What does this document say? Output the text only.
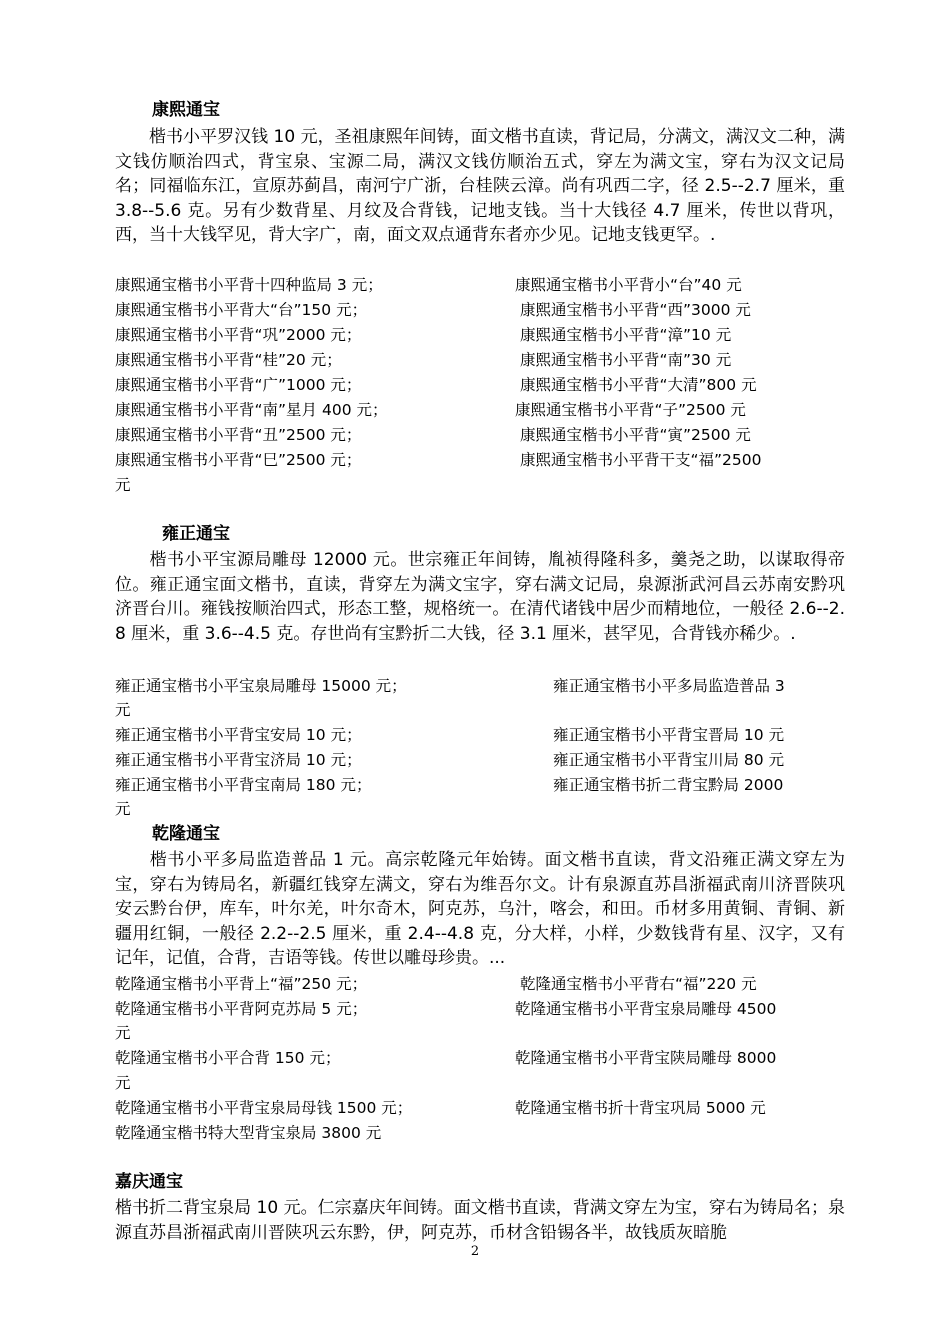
康熙通宝
楷书小平罗汉钱 10 元，圣祖康熙年间铸，面文楷书直读，背记局，分满文，满汉文二种，满文钱仿顺治四式，背宝泉、宝源二局，满汉文钱仿顺治五式，穿左为满文宝，穿右为汉文记局名；同福临东江，宣原苏蓟昌，南河宁广浙，台桂陕云漳。尚有巩西二字，径 2.5--2.7 厘米，重 3.8--5.6 克。另有少数背星、月纹及合背钱，记地支钱。当十大钱径 4.7 厘米，传世以背巩，西，当十大钱罕见，背大字广，南，面文双点通背东者亦少见。记地支钱更罕。.
康熙通宝楷书小平背十四种监局 3 元；	康熙通宝楷书小平背小“台”40 元
康熙通宝楷书小平背大“台”150 元；	康熙通宝楷书小平背“西”3000 元
康熙通宝楷书小平背“巩”2000 元；	康熙通宝楷书小平背“漳”10 元
康熙通宝楷书小平背“桂”20 元；	康熙通宝楷书小平背“南”30 元
康熙通宝楷书小平背“广”1000 元；	康熙通宝楷书小平背“大清”800 元
康熙通宝楷书小平背“南”星月 400 元；	康熙通宝楷书小平背“子”2500 元
康熙通宝楷书小平背“丑”2500 元；	康熙通宝楷书小平背“寅”2500 元
康熙通宝楷书小平背“巳”2500 元；	康熙通宝楷书小平背干支“福”2500
元
雍正通宝
楷书小平宝源局雕母 12000 元。世宗雍正年间铸，胤祯得隆科多，羹尧之助，以谋取得帝位。雍正通宝面文楷书，直读，背穿左为满文宝字，穿右满文记局，泉源浙武河昌云苏南安黔巩济晋台川。雍钱按顺治四式，形态工整，规格统一。在清代诸钱中居少而精地位，一般径 2.6--2.8 厘米，重 3.6--4.5 克。存世尚有宝黔折二大钱，径 3.1 厘米，甚罕见，合背钱亦稀少。.
雍正通宝楷书小平宝泉局雕母 15000 元；	雍正通宝楷书小平多局监造普品 3
元
雍正通宝楷书小平背宝安局 10 元；	雍正通宝楷书小平背宝晋局 10 元
雍正通宝楷书小平背宝济局 10 元；	雍正通宝楷书小平背宝川局 80 元
雍正通宝楷书小平背宝南局 180 元；	雍正通宝楷书折二背宝黔局 2000
元
乾隆通宝
楷书小平多局监造普品 1 元。高宗乾隆元年始铸。面文楷书直读，背文沿雍正满文穿左为宝，穿右为铸局名，新疆红钱穿左满文，穿右为维吾尔文。计有泉源直苏昌浙福武南川济晋陕巩安云黔台伊，库车，叶尔羌，叶尔奇木，阿克苏，乌汁，喀会，和田。币材多用黄铜、青铜、新疆用红铜，一般径 2.2--2.5 厘米，重 2.4--4.8 克，分大样，小样，少数钱背有星、汉字，又有记年，记值，合背，吉语等钱。传世以雕母珍贵。...
乾隆通宝楷书小平背上“福”250 元；	乾隆通宝楷书小平背右“福”220 元
乾隆通宝楷书小平背阿克苏局 5 元；	乾隆通宝楷书小平背宝泉局雕母 4500
元
乾隆通宝楷书小平合背 150 元；	乾隆通宝楷书小平背宝陕局雕母 8000
元
乾隆通宝楷书小平背宝泉局母钱 1500 元；	乾隆通宝楷书折十背宝巩局 5000 元
乾隆通宝楷书特大型背宝泉局 3800 元
嘉庆通宝
楷书折二背宝泉局 10 元。仁宗嘉庆年间铸。面文楷书直读，背满文穿左为宝，穿右为铸局名；泉源直苏昌浙福武南川晋陕巩云东黔，伊，阿克苏，币材含铅锡各半，故钱质灰暗脆
2
